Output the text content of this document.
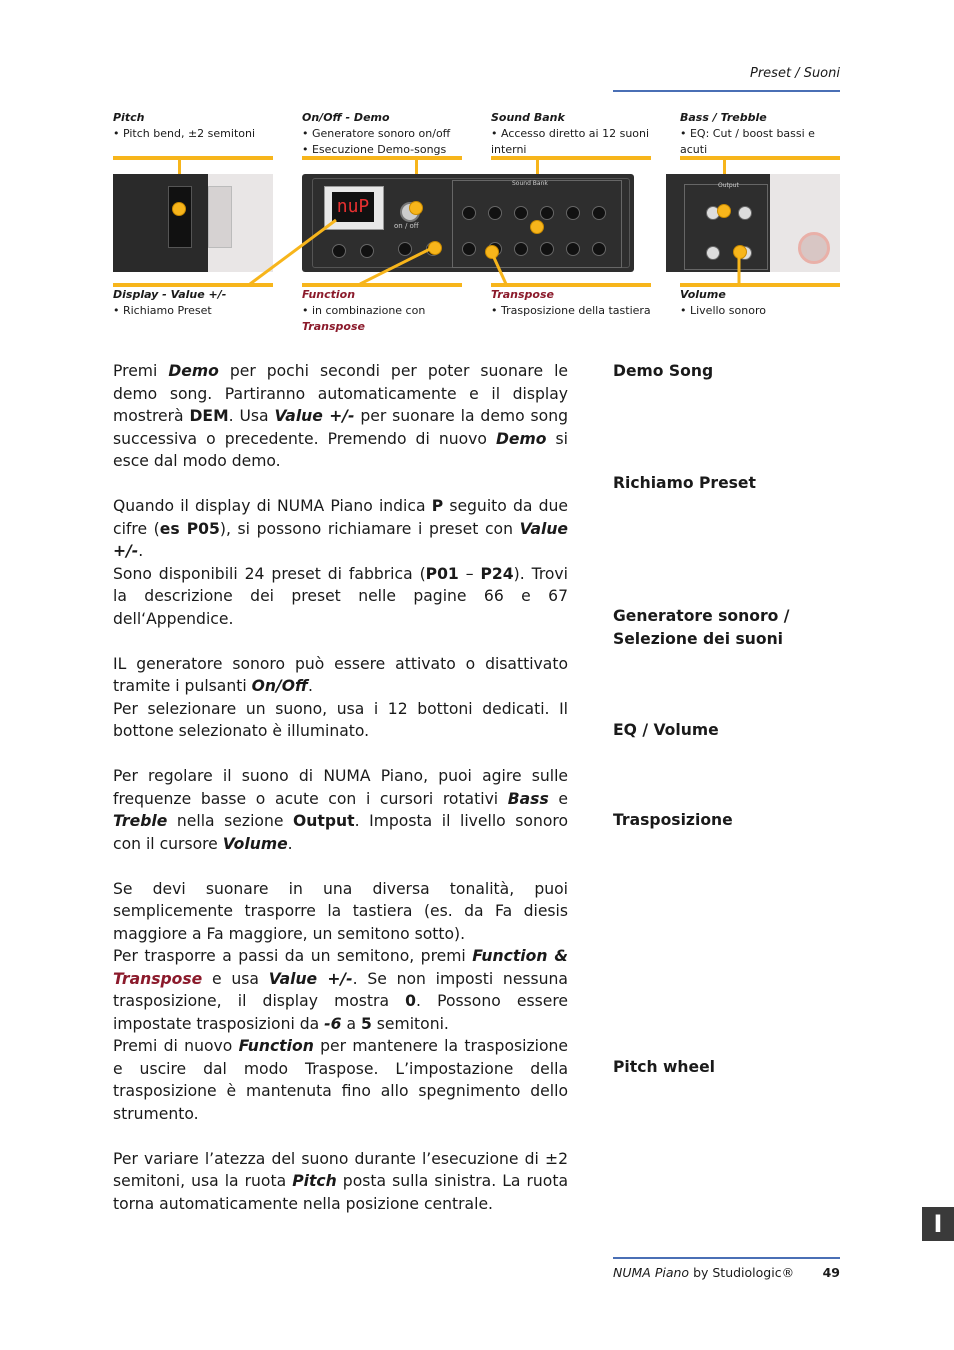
Preset / Suoni
Pitch
• Pitch bend, ±2 semitoni
On/Off - Demo
• Generatore sonoro on/off
• Esecuzione Demo-songs
Sound Bank
• Accesso diretto ai 12 suoni
interni
Bass / Trebble
• EQ: Cut / boost bassi e acuti
nuP
on / off
Sound Bank	Output
Display - Value +/-
• Richiamo Preset
Function
• in combinazione con
Transpose
Transpose
• Trasposizione della tastiera
Volume
• Livello sonoro
Demo Song
Richiamo Preset
Generatore sonoro / Selezione dei suoni
EQ / Volume
Trasposizione
Pitch wheel

Premi Demo per pochi secondi per poter suonare le demo song. Partiranno automaticamente e il display mostrerà DEM. Usa Value +/- per suonare la demo song successiva o precedente. Premendo di nuovo Demo si esce dal modo demo.

Quando il display di NUMA Piano indica P seguito da due cifre (es P05), si possono richiamare i preset con Value +/-.

Sono disponibili 24 preset di fabbrica (P01 – P24). Trovi la descrizione dei preset nelle pagine 66 e 67 dell‘Appendice.

IL generatore sonoro può essere attivato o disattivato tramite i pulsanti On/Off.

Per selezionare un suono, usa i 12 bottoni dedicati. Il bottone selezionato è illuminato.

Per regolare il suono di NUMA Piano, puoi agire sulle frequenze basse o acute con i cursori rotativi Bass e Treble nella sezione Output. Imposta il livello sonoro con il cursore Volume.

Se devi suonare in una diversa tonalità, puoi semplicemente trasporre la tastiera (es. da Fa diesis maggiore a Fa maggiore, un semitono sotto).

Per trasporre a passi da un semitono, premi Function & Transpose e usa Value +/-. Se non imposti nessuna trasposizione, il display mostra 0. Possono essere impostate trasposizioni da -6 a 5 semitoni.

Premi di nuovo Function per mantenere la trasposizione e uscire dal modo Traspose. L’impostazione della trasposizione è mantenuta fino allo spegnimento dello strumento.

Per variare l’atezza del suono durante l’esecuzione di ±2 semitoni, usa la ruota Pitch posta sulla sinistra. La ruota torna automaticamente nella posizione centrale.

I
NUMA Piano by Studiologic® 49
